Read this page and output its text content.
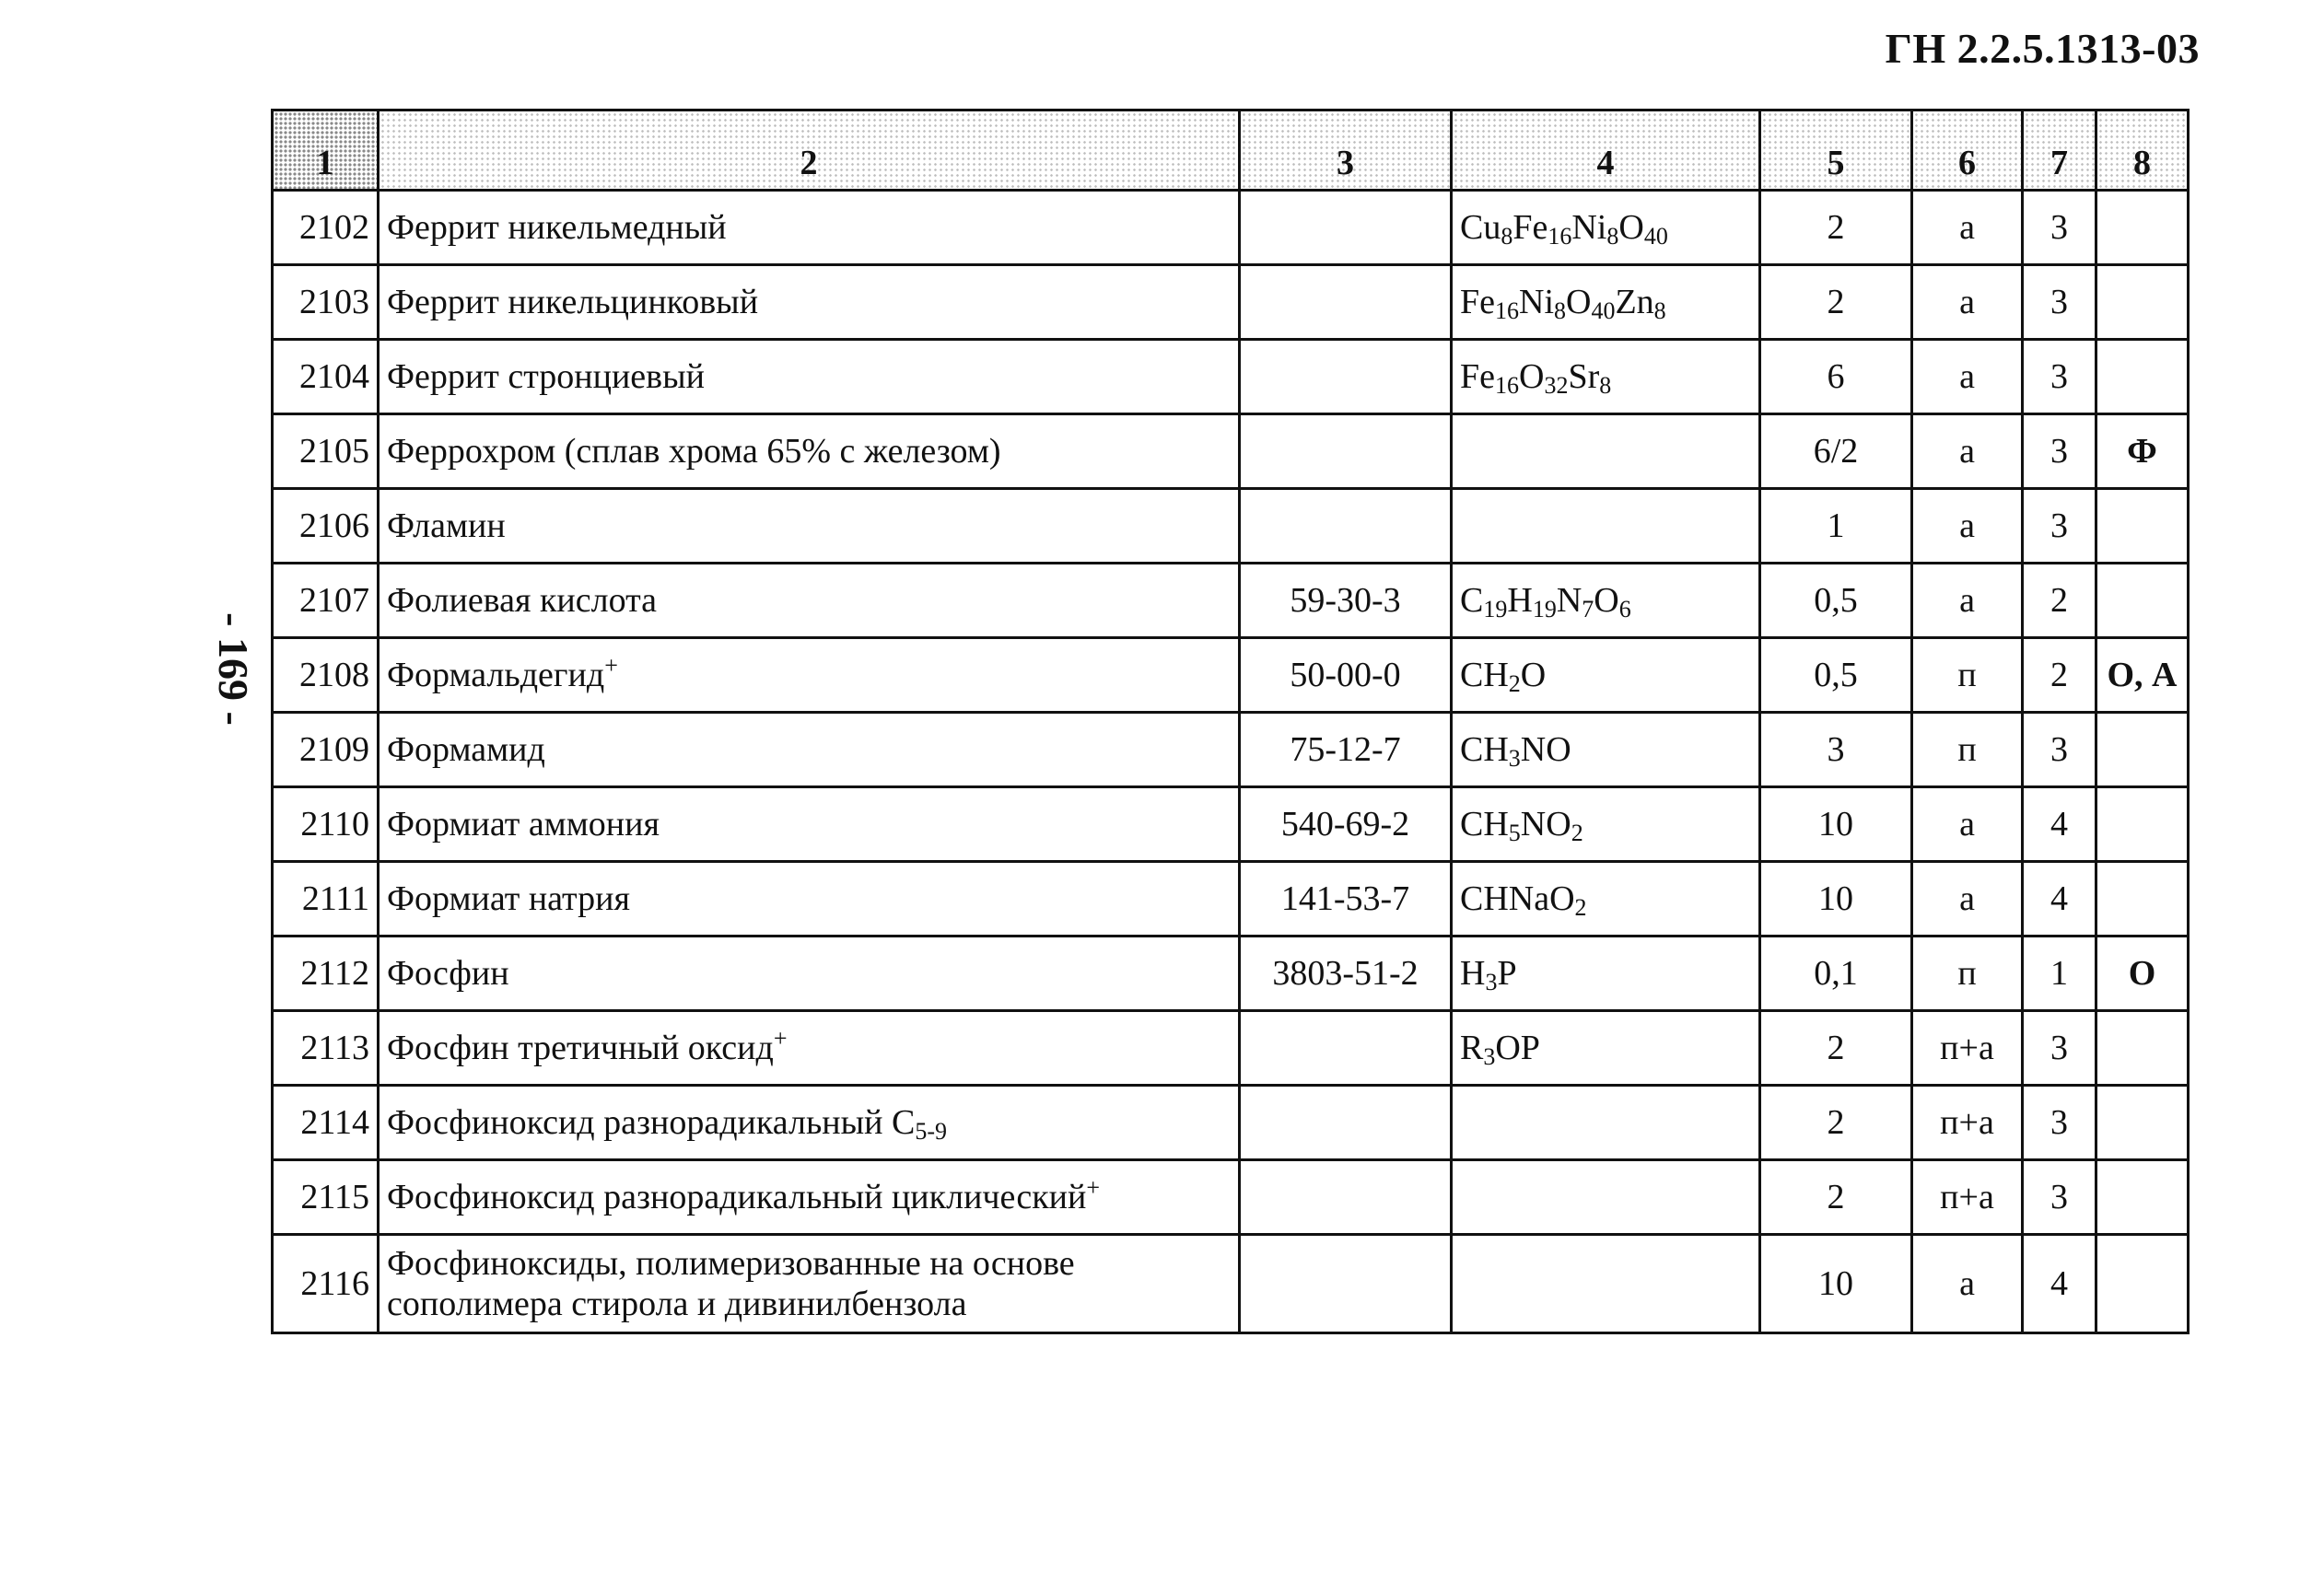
ГН 2.2.5.1313-03
- 169 -
1	2	3	4	5	6	7	8
2102	Феррит никельмедный		$Cu_8Fe_{16}Ni_8O_{40}$	2	a	3	
2103	Феррит никельцинковый		$Fe_{16}Ni_8O_{40}Zn_8$	2	a	3	
2104	Феррит стронциевый		$Fe_{16}O_{32}Sr_8$	6	a	3	
2105	Феррохром (сплав хрома 65% с железом)			6/2	a	3	Ф
2106	Фламин			1	a	3	
2107	Фолиевая кислота	59-30-3	$C_{19}H_{19}N_7O_6$	0,5	a	2	
2108	Формальдегид+	50-00-0	$CH_2O$	0,5	п	2	О, А
2109	Формамид	75-12-7	$CH_3NO$	3	п	3	
2110	Формиат аммония	540-69-2	$CH_5NO_2$	10	a	4	
2111	Формиат натрия	141-53-7	CHNaO$_2$	10	a	4	
2112	Фосфин	3803-51-2	$H_3P$	0,1	п	1	О
2113	Фосфин третичный оксид+		$R_3OP$	2	п+а	3	
2114	Фосфиноксид разнорадикальный $C_{5-9}$			2	п+а	3	
2115	Фосфиноксид разнорадикальный циклический+			2	п+а	3	
2116	Фосфиноксиды, полимеризованные на основе сополимера стирола и дивинилбензола			10	a	4	
